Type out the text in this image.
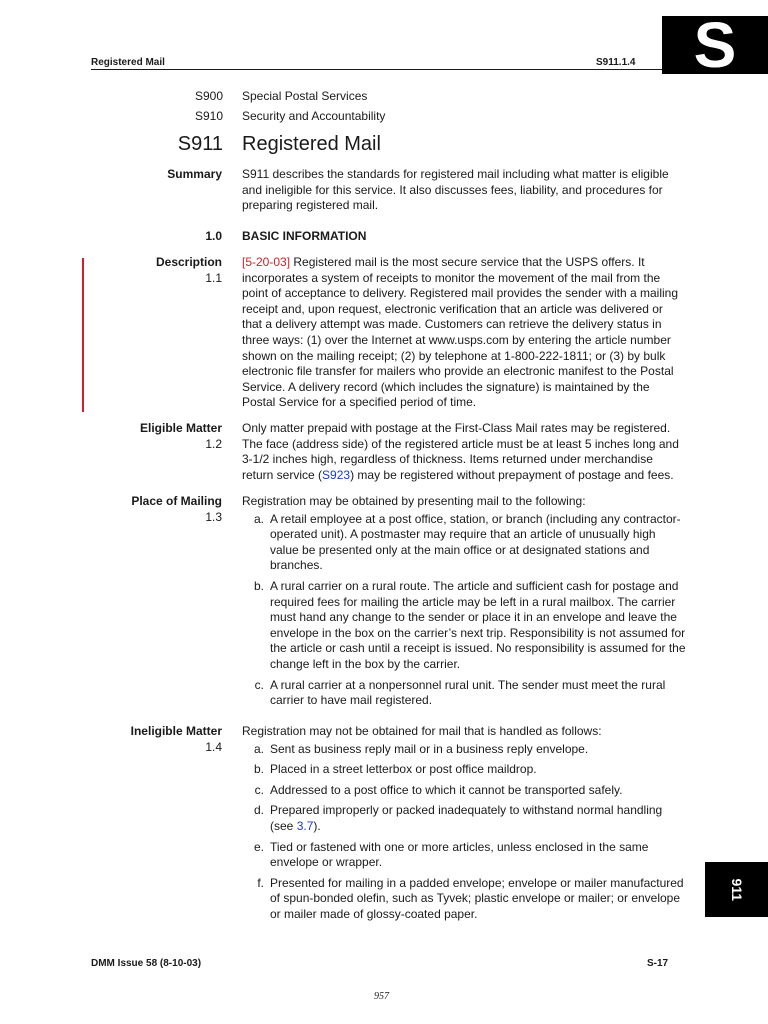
Registered Mail	S911.1.4 S
S900 Special Postal Services
S910 Security and Accountability
S911 Registered Mail
Summary S911 describes the standards for registered mail including what matter is eligible and ineligible for this service. It also discusses fees, liability, and procedures for preparing registered mail.

1.0 BASIC INFORMATION
Description
1.1

[5-20-03] Registered mail is the most secure service that the USPS offers. It incorporates a system of receipts to monitor the movement of the mail from the point of acceptance to delivery. Registered mail provides the sender with a mailing receipt and, upon request, electronic verification that an article was delivered or that a delivery attempt was made. Customers can retrieve the delivery status in three ways: (1) over the Internet at www.usps.com by entering the article number shown on the mailing receipt; (2) by telephone at 1-800-222-1811; or (3) by bulk electronic file transfer for mailers who provide an electronic manifest to the Postal Service. A delivery record (which includes the signature) is maintained by the Postal Service for a specified period of time.

Eligible Matter
1.2

Only matter prepaid with postage at the First-Class Mail rates may be registered. The face (address side) of the registered article must be at least 5 inches long and 3-1/2 inches high, regardless of thickness. Items returned under merchandise return service (S923) may be registered without prepayment of postage and fees.

Place of Mailing
1.3

Registration may be obtained by presenting mail to the following:

a. A retail employee at a post office, station, or branch (including any contractor-operated unit). A postmaster may require that an article of unusually high value be presented only at the main office or at designated stations and branches.
b. A rural carrier on a rural route. The article and sufficient cash for postage and required fees for mailing the article may be left in a rural mailbox. The carrier must hand any change to the sender or place it in an envelope and leave the envelope in the box on the carrier’s next trip. Responsibility is not assumed for the article or cash until a receipt is issued. No responsibility is assumed for the change left in the box by the carrier.
c. A rural carrier at a nonpersonnel rural unit. The sender must meet the rural carrier to have mail registered.
Ineligible Matter
1.4

Registration may not be obtained for mail that is handled as follows:

a. Sent as business reply mail or in a business reply envelope.
b. Placed in a street letterbox or post office maildrop.
c. Addressed to a post office to which it cannot be transported safely.
d. Prepared improperly or packed inadequately to withstand normal handling (see 3.7).
e. Tied or fastened with one or more articles, unless enclosed in the same envelope or wrapper.
f. Presented for mailing in a padded envelope; envelope or mailer manufactured of spun-bonded olefin, such as Tyvek; plastic envelope or mailer; or envelope or mailer made of glossy-coated paper.
911
DMM Issue 58 (8-10-03)	S-17
957
